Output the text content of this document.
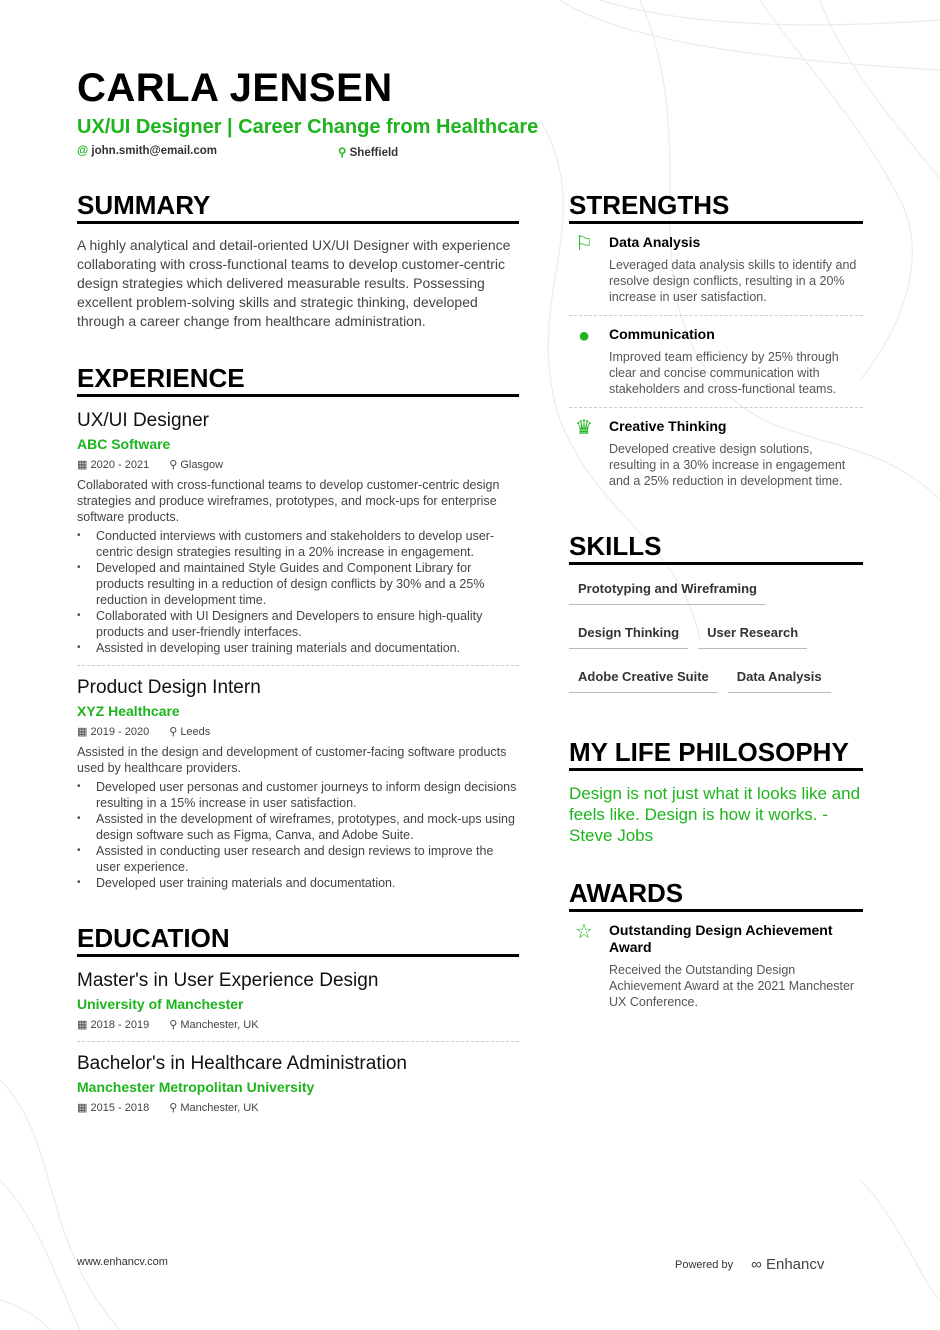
CARLA JENSEN
UX/UI Designer | Career Change from Healthcare
@ john.smith@email.com	⚲ Sheffield
SUMMARY
A highly analytical and detail-oriented UX/UI Designer with experience collaborating with cross-functional teams to develop customer-centric design strategies which delivered measurable results. Possessing excellent problem-solving skills and strategic thinking, developed through a career change from healthcare administration.
EXPERIENCE
UX/UI Designer
ABC Software
▦ 2020 - 2021 ⚲ Glasgow
Collaborated with cross-functional teams to develop customer-centric design strategies and produce wireframes, prototypes, and mock-ups for enterprise software products.
• Conducted interviews with customers and stakeholders to develop user-centric design strategies resulting in a 20% increase in engagement.
• Developed and maintained Style Guides and Component Library for products resulting in a reduction of design conflicts by 30% and a 25% reduction in development time.
• Collaborated with UI Designers and Developers to ensure high-quality products and user-friendly interfaces.
• Assisted in developing user training materials and documentation.
Product Design Intern
XYZ Healthcare
▦ 2019 - 2020 ⚲ Leeds
Assisted in the design and development of customer-facing software products used by healthcare providers.
• Developed user personas and customer journeys to inform design decisions resulting in a 15% increase in user satisfaction.
• Assisted in the development of wireframes, prototypes, and mock-ups using design software such as Figma, Canva, and Adobe Suite.
• Assisted in conducting user research and design reviews to improve the user experience.
• Developed user training materials and documentation.
EDUCATION
Master's in User Experience Design
University of Manchester
▦ 2018 - 2019 ⚲ Manchester, UK
Bachelor's in Healthcare Administration
Manchester Metropolitan University
▦ 2015 - 2018 ⚲ Manchester, UK
STRENGTHS
⚐	Data Analysis

Leveraged data analysis skills to identify and resolve design conflicts, resulting in a 20% increase in user satisfaction.

●	Communication

Improved team efficiency by 25% through clear and concise communication with stakeholders and cross-functional teams.

♛	Creative Thinking

Developed creative design solutions, resulting in a 30% increase in engagement and a 25% reduction in development time.

SKILLS
Prototyping and Wireframing
Design Thinking	User Research
Adobe Creative Suite	Data Analysis
MY LIFE PHILOSOPHY
Design is not just what it looks like and feels like. Design is how it works. - Steve Jobs
AWARDS
☆	Outstanding Design Achievement Award

Received the Outstanding Design Achievement Award at the 2021 Manchester UX Conference.

www.enhancv.com	Powered by ∞ Enhancv
